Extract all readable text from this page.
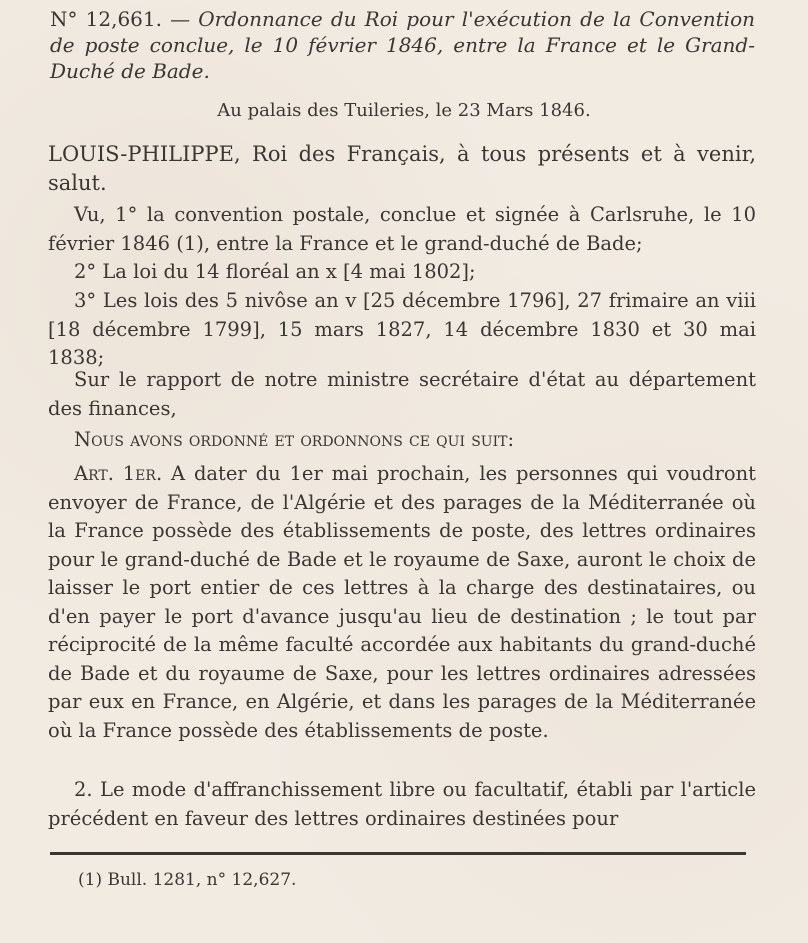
N° 12,661. — Ordonnance du Roi pour l'exécution de la Convention de poste conclue, le 10 février 1846, entre la France et le Grand-Duché de Bade.
Au palais des Tuileries, le 23 Mars 1846.
LOUIS-PHILIPPE, Roi des Français, à tous présents et à venir, salut.
Vu, 1° la convention postale, conclue et signée à Carlsruhe, le 10 février 1846 (1), entre la France et le grand-duché de Bade;
2° La loi du 14 floréal an x [4 mai 1802];
3° Les lois des 5 nivôse an v [25 décembre 1796], 27 frimaire an viii [18 décembre 1799], 15 mars 1827, 14 décembre 1830 et 30 mai 1838;
Sur le rapport de notre ministre secrétaire d'état au département des finances,
Nous avons ordonné et ordonnons ce qui suit:
Art. 1er. A dater du 1er mai prochain, les personnes qui voudront envoyer de France, de l'Algérie et des parages de la Méditerranée où la France possède des établissements de poste, des lettres ordinaires pour le grand-duché de Bade et le royaume de Saxe, auront le choix de laisser le port entier de ces lettres à la charge des destinataires, ou d'en payer le port d'avance jusqu'au lieu de destination ; le tout par réciprocité de la même faculté accordée aux habitants du grand-duché de Bade et du royaume de Saxe, pour les lettres ordinaires adressées par eux en France, en Algérie, et dans les parages de la Méditerranée où la France possède des établissements de poste.
2. Le mode d'affranchissement libre ou facultatif, établi par l'article précédent en faveur des lettres ordinaires destinées pour
(1) Bull. 1281, n° 12,627.
